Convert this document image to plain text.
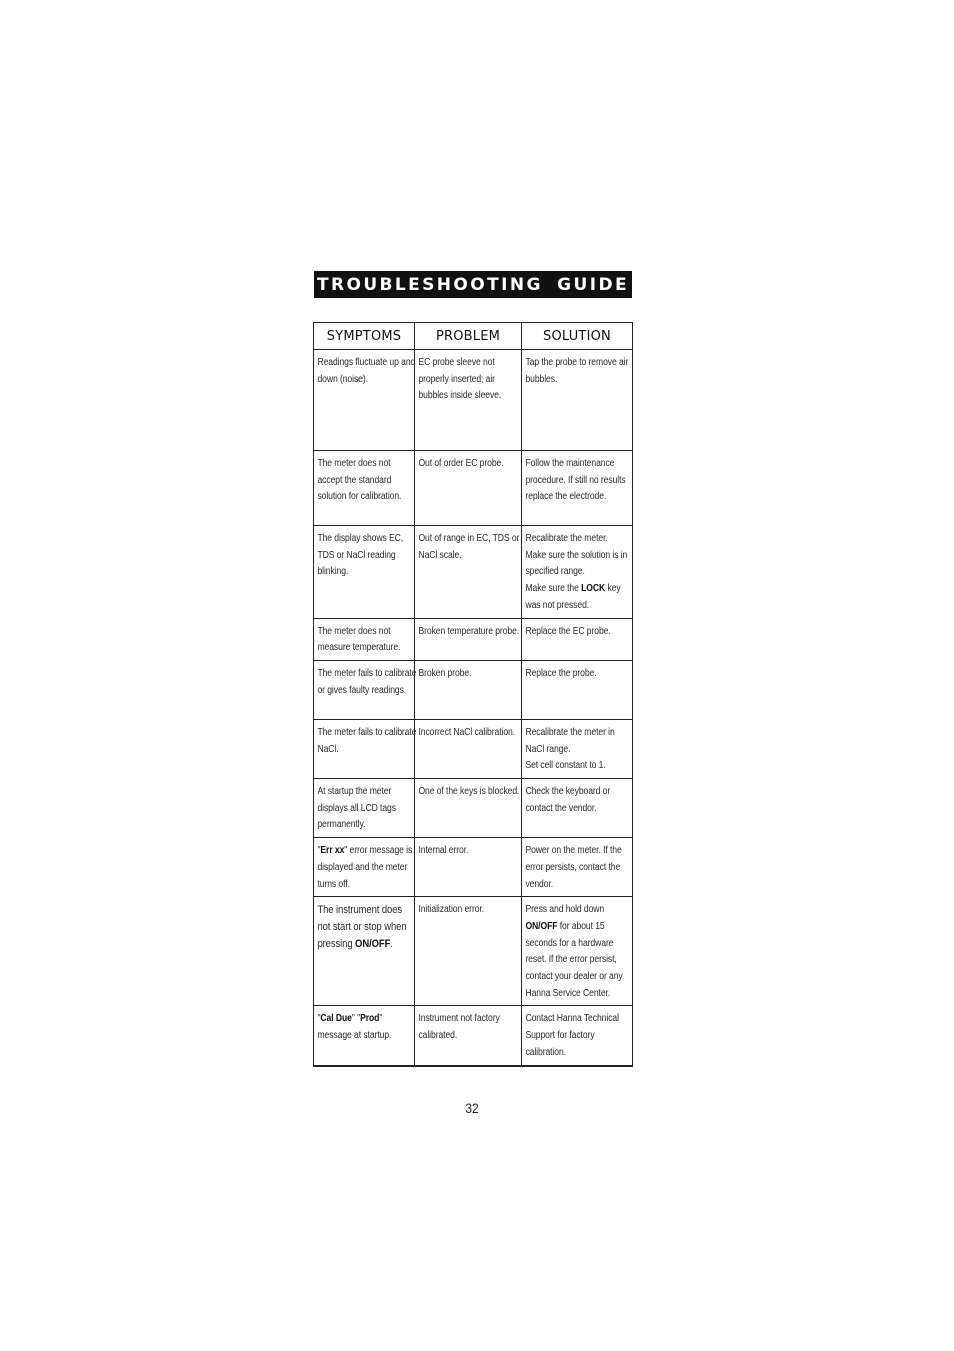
TROUBLESHOOTING GUIDE
SYMPTOMS	PROBLEM	SOLUTION

Readings fluctuate up and down (noise).	EC probe sleeve not properly inserted; air bubbles inside sleeve.	Tap the probe to remove air bubbles.

The meter does not accept the standard solution for calibration.	Out of order EC probe.	Follow the maintenance procedure. If still no results replace the electrode.

The display shows EC, TDS or NaCl reading blinking.	Out of range in EC, TDS or NaCl scale.	Recalibrate the meter.
Make sure the solution is in specified range.
Make sure the LOCK key was not pressed.

The meter does not measure temperature.	Broken temperature probe.	Replace the EC probe.

The meter fails to calibrate or gives faulty readings.	Broken probe.	Replace the probe.

The meter fails to calibrate NaCl.	Incorrect NaCl calibration.	Recalibrate the meter in NaCl range.
Set cell constant to 1.

At startup the meter displays all LCD tags permanently.	One of the keys is blocked.	Check the keyboard or contact the vendor.

"Err xx" error message is displayed and the meter turns off.	Internal error.	Power on the meter. If the error persists, contact the vendor.

The instrument does not start or stop when pressing ON/OFF.	Initialization error.	Press and hold down ON/OFF for about 15 seconds for a hardware reset. If the error persist, contact your dealer or any Hanna Service Center.

"Cal Due" "Prod" message at startup.	Instrument not factory calibrated.	Contact Hanna Technical Support for factory calibration.
32
